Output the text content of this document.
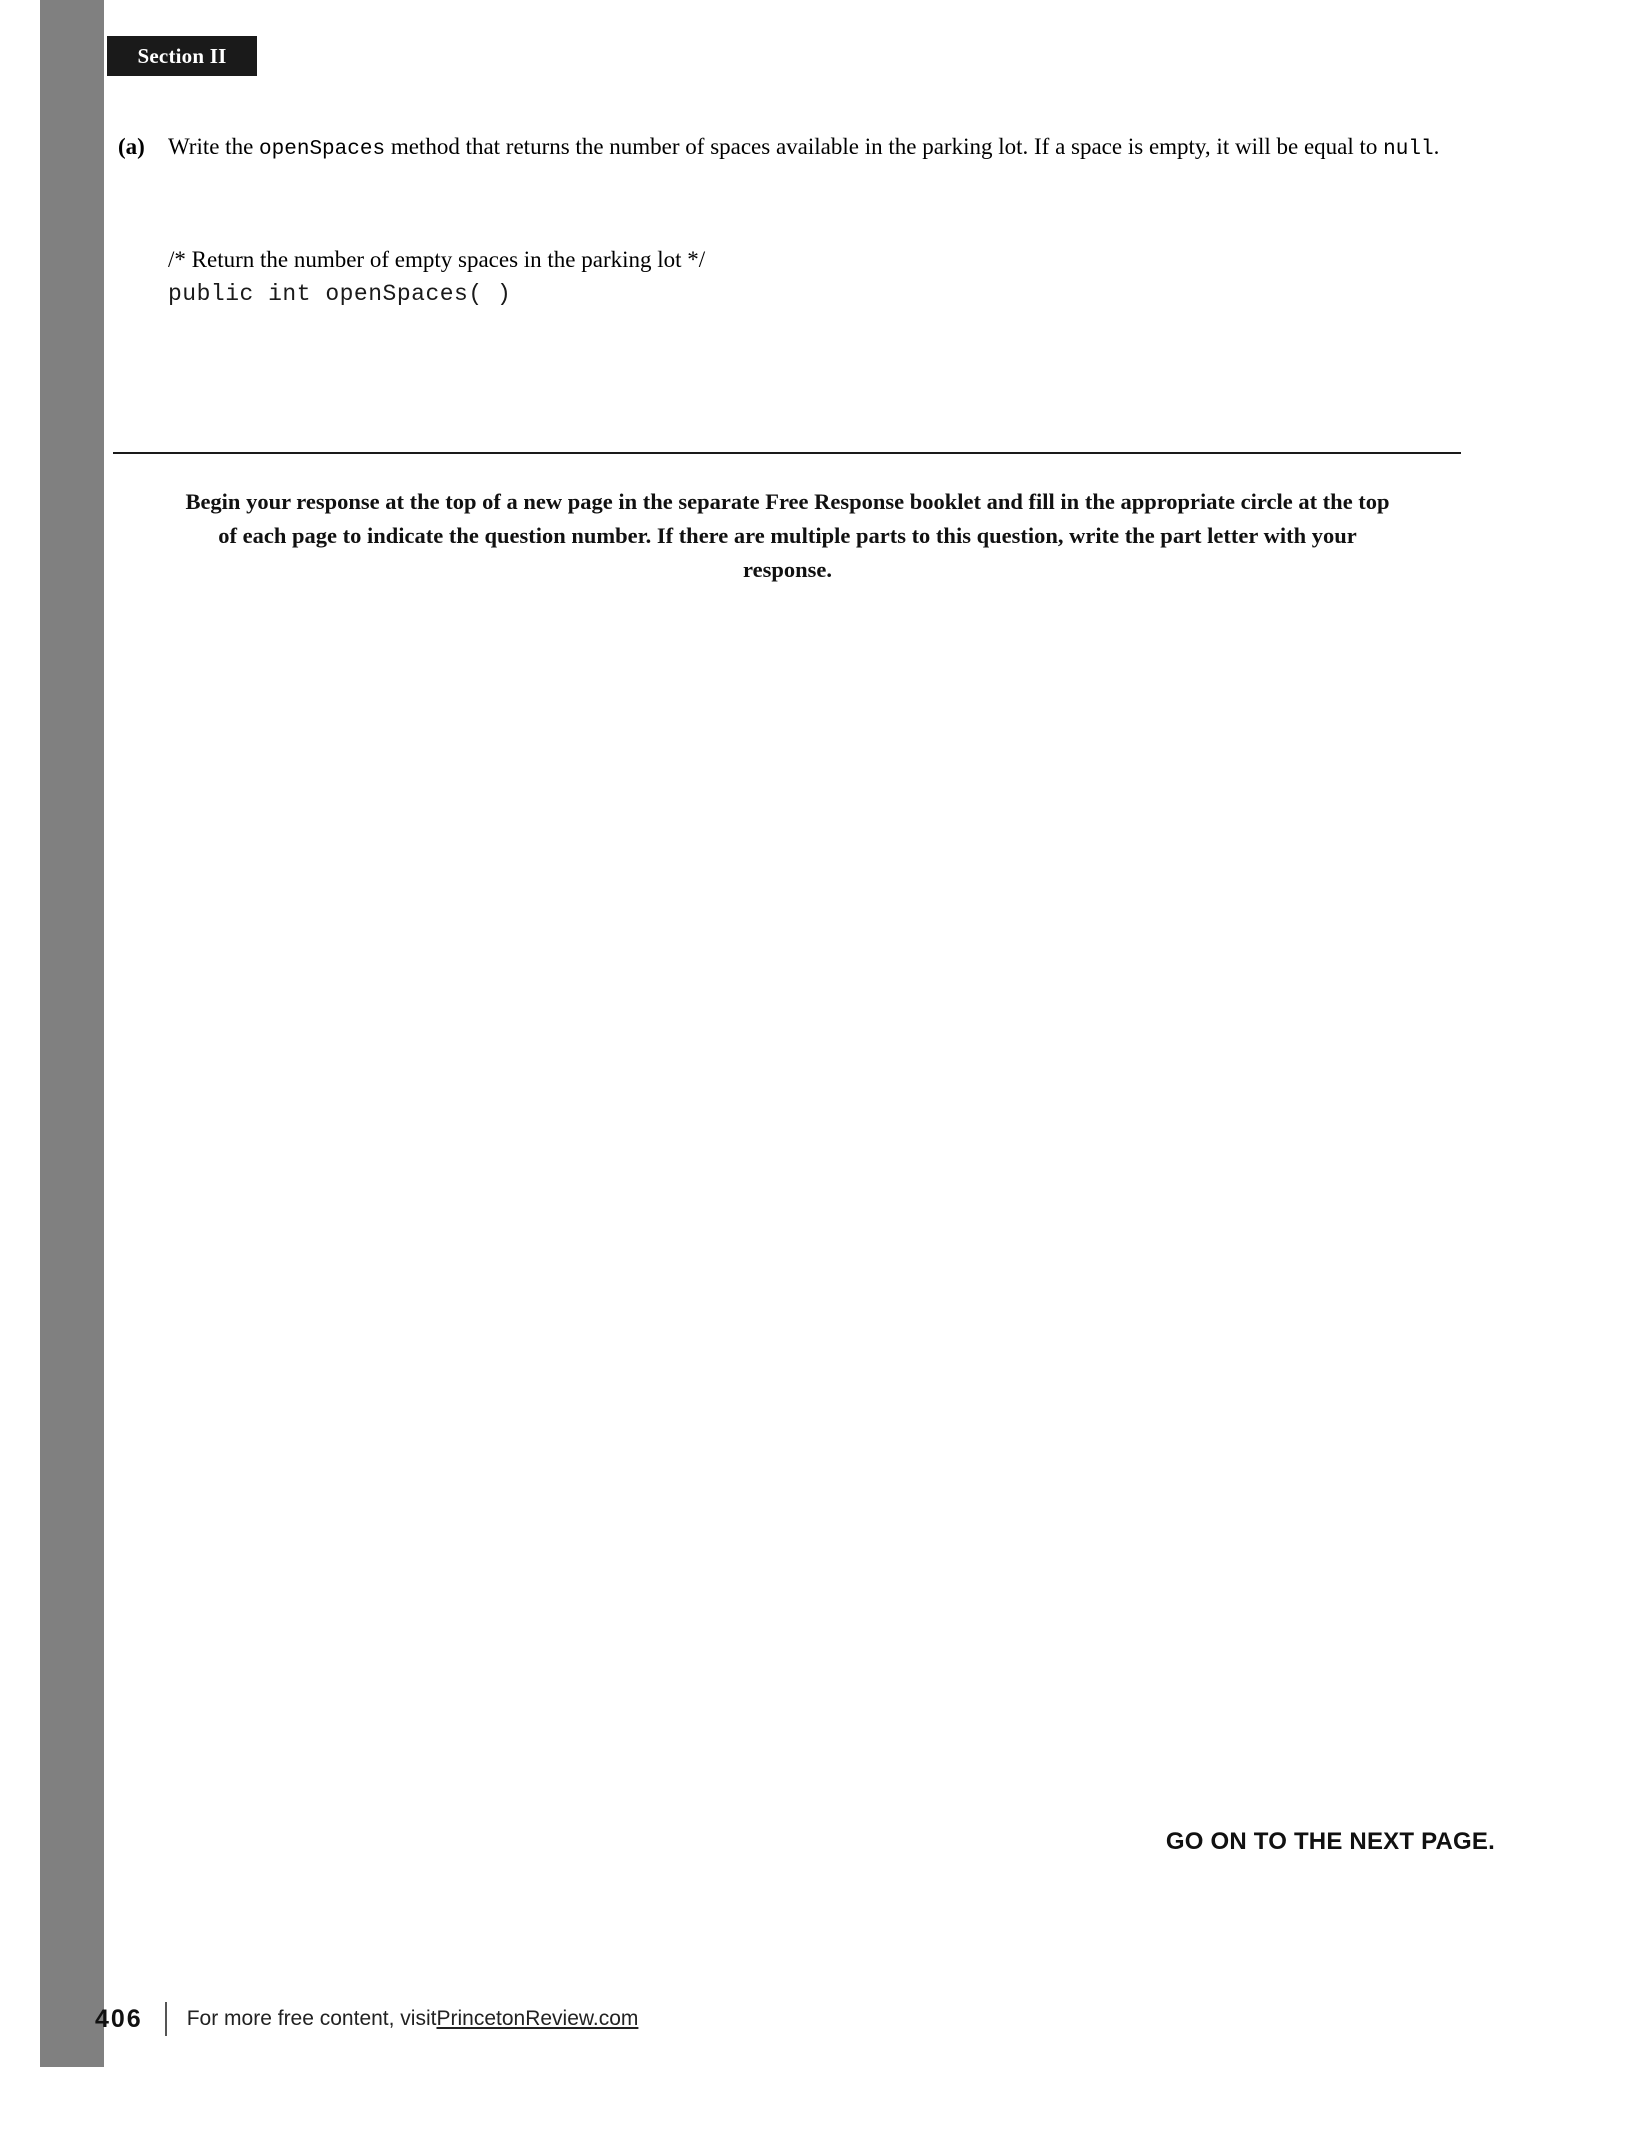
Section II
(a)	Write the openSpaces method that returns the number of spaces available in the parking lot. If a space is empty, it will be equal to null.
/* Return the number of empty spaces in the parking lot */
public int openSpaces( )
Begin your response at the top of a new page in the separate Free Response booklet and fill in the appropriate circle at the top of each page to indicate the question number. If there are multiple parts to this question, write the part letter with your response.
GO ON TO THE NEXT PAGE.
406 For more free content, visit PrincetonReview.com
